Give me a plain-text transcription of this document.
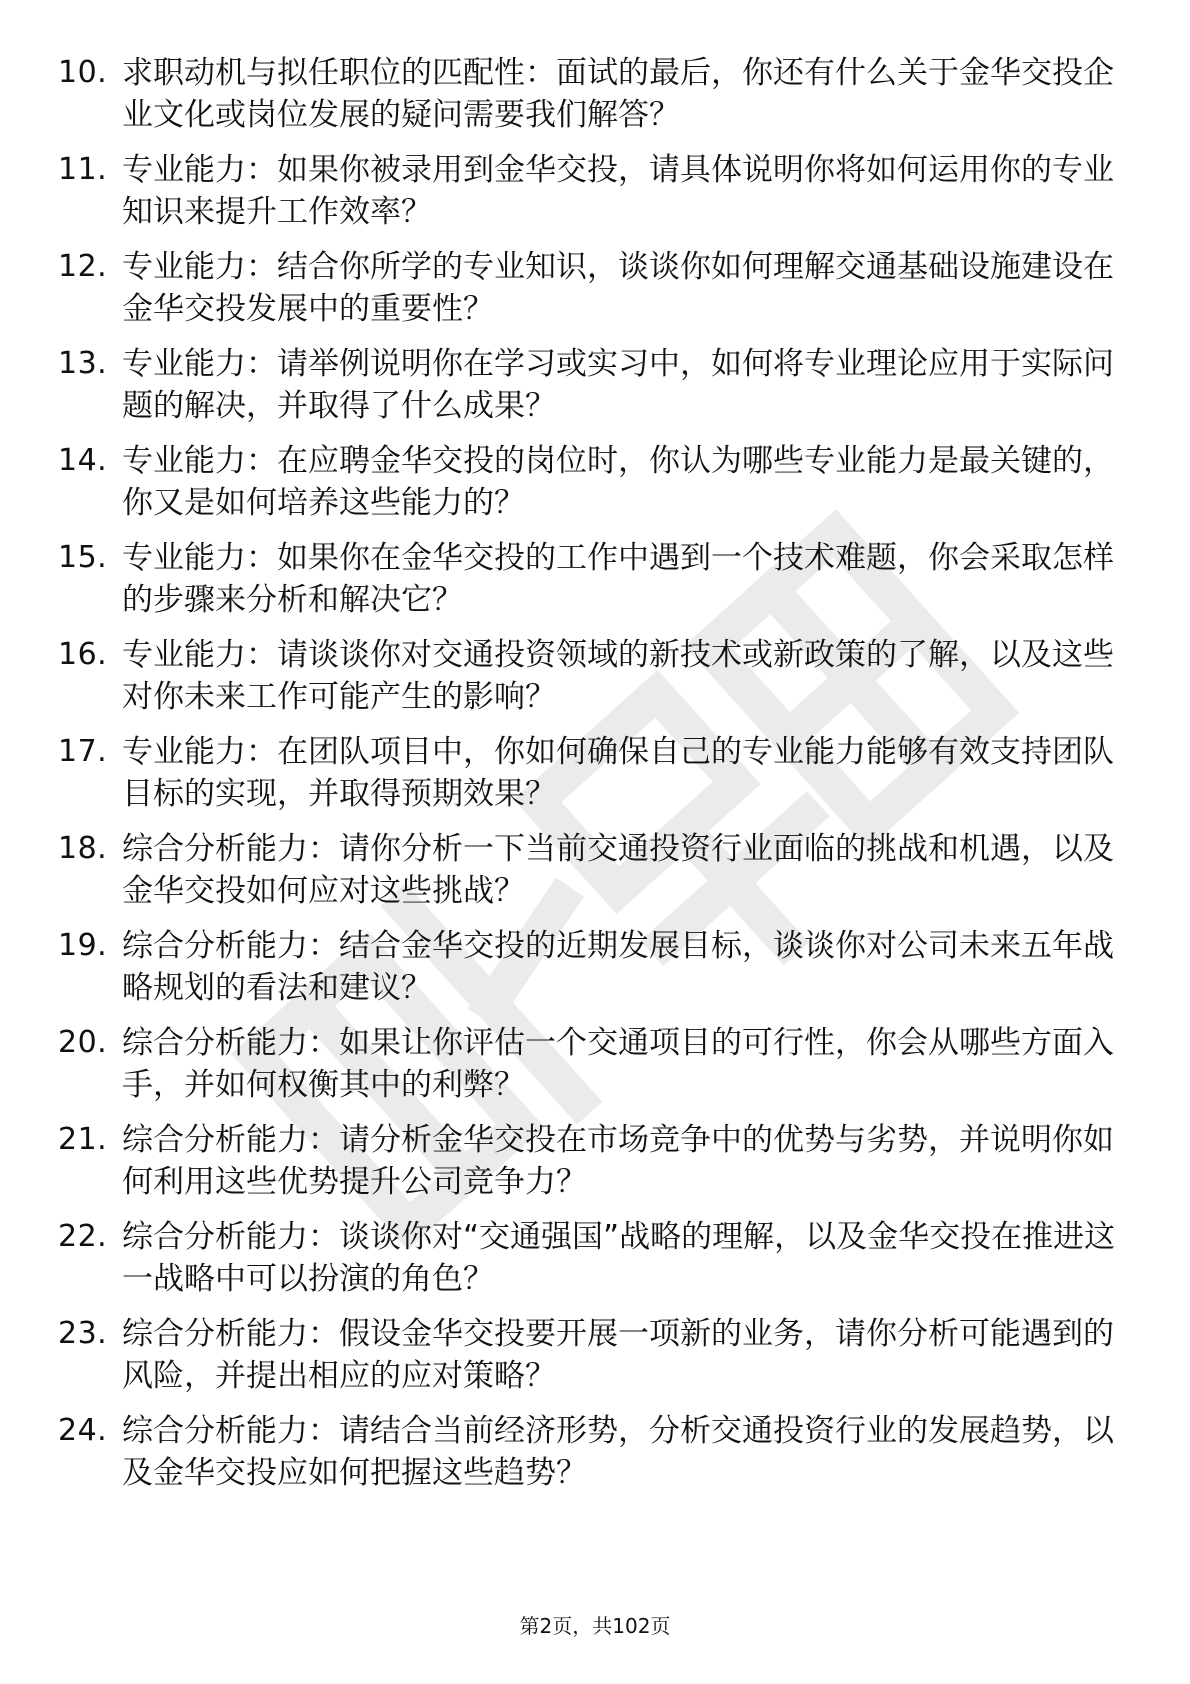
10. 求职动机与拟任职位的匹配性：面试的最后，你还有什么关于金华交投企业文化或岗位发展的疑问需要我们解答？
11. 专业能力：如果你被录用到金华交投，请具体说明你将如何运用你的专业知识来提升工作效率？
12. 专业能力：结合你所学的专业知识，谈谈你如何理解交通基础设施建设在金华交投发展中的重要性？
13. 专业能力：请举例说明你在学习或实习中，如何将专业理论应用于实际问题的解决，并取得了什么成果？
14. 专业能力：在应聘金华交投的岗位时，你认为哪些专业能力是最关键的，你又是如何培养这些能力的？
15. 专业能力：如果你在金华交投的工作中遇到一个技术难题，你会采取怎样的步骤来分析和解决它？
16. 专业能力：请谈谈你对交通投资领域的新技术或新政策的了解，以及这些对你未来工作可能产生的影响？
17. 专业能力：在团队项目中，你如何确保自己的专业能力能够有效支持团队目标的实现，并取得预期效果？
18. 综合分析能力：请你分析一下当前交通投资行业面临的挑战和机遇，以及金华交投如何应对这些挑战？
19. 综合分析能力：结合金华交投的近期发展目标，谈谈你对公司未来五年战略规划的看法和建议？
20. 综合分析能力：如果让你评估一个交通项目的可行性，你会从哪些方面入手，并如何权衡其中的利弊？
21. 综合分析能力：请分析金华交投在市场竞争中的优势与劣势，并说明你如何利用这些优势提升公司竞争力？
22. 综合分析能力：谈谈你对“交通强国”战略的理解，以及金华交投在推进这一战略中可以扮演的角色？
23. 综合分析能力：假设金华交投要开展一项新的业务，请你分析可能遇到的风险，并提出相应的应对策略？
24. 综合分析能力：请结合当前经济形势，分析交通投资行业的发展趋势，以及金华交投应如何把握这些趋势？
第2页，共102页
